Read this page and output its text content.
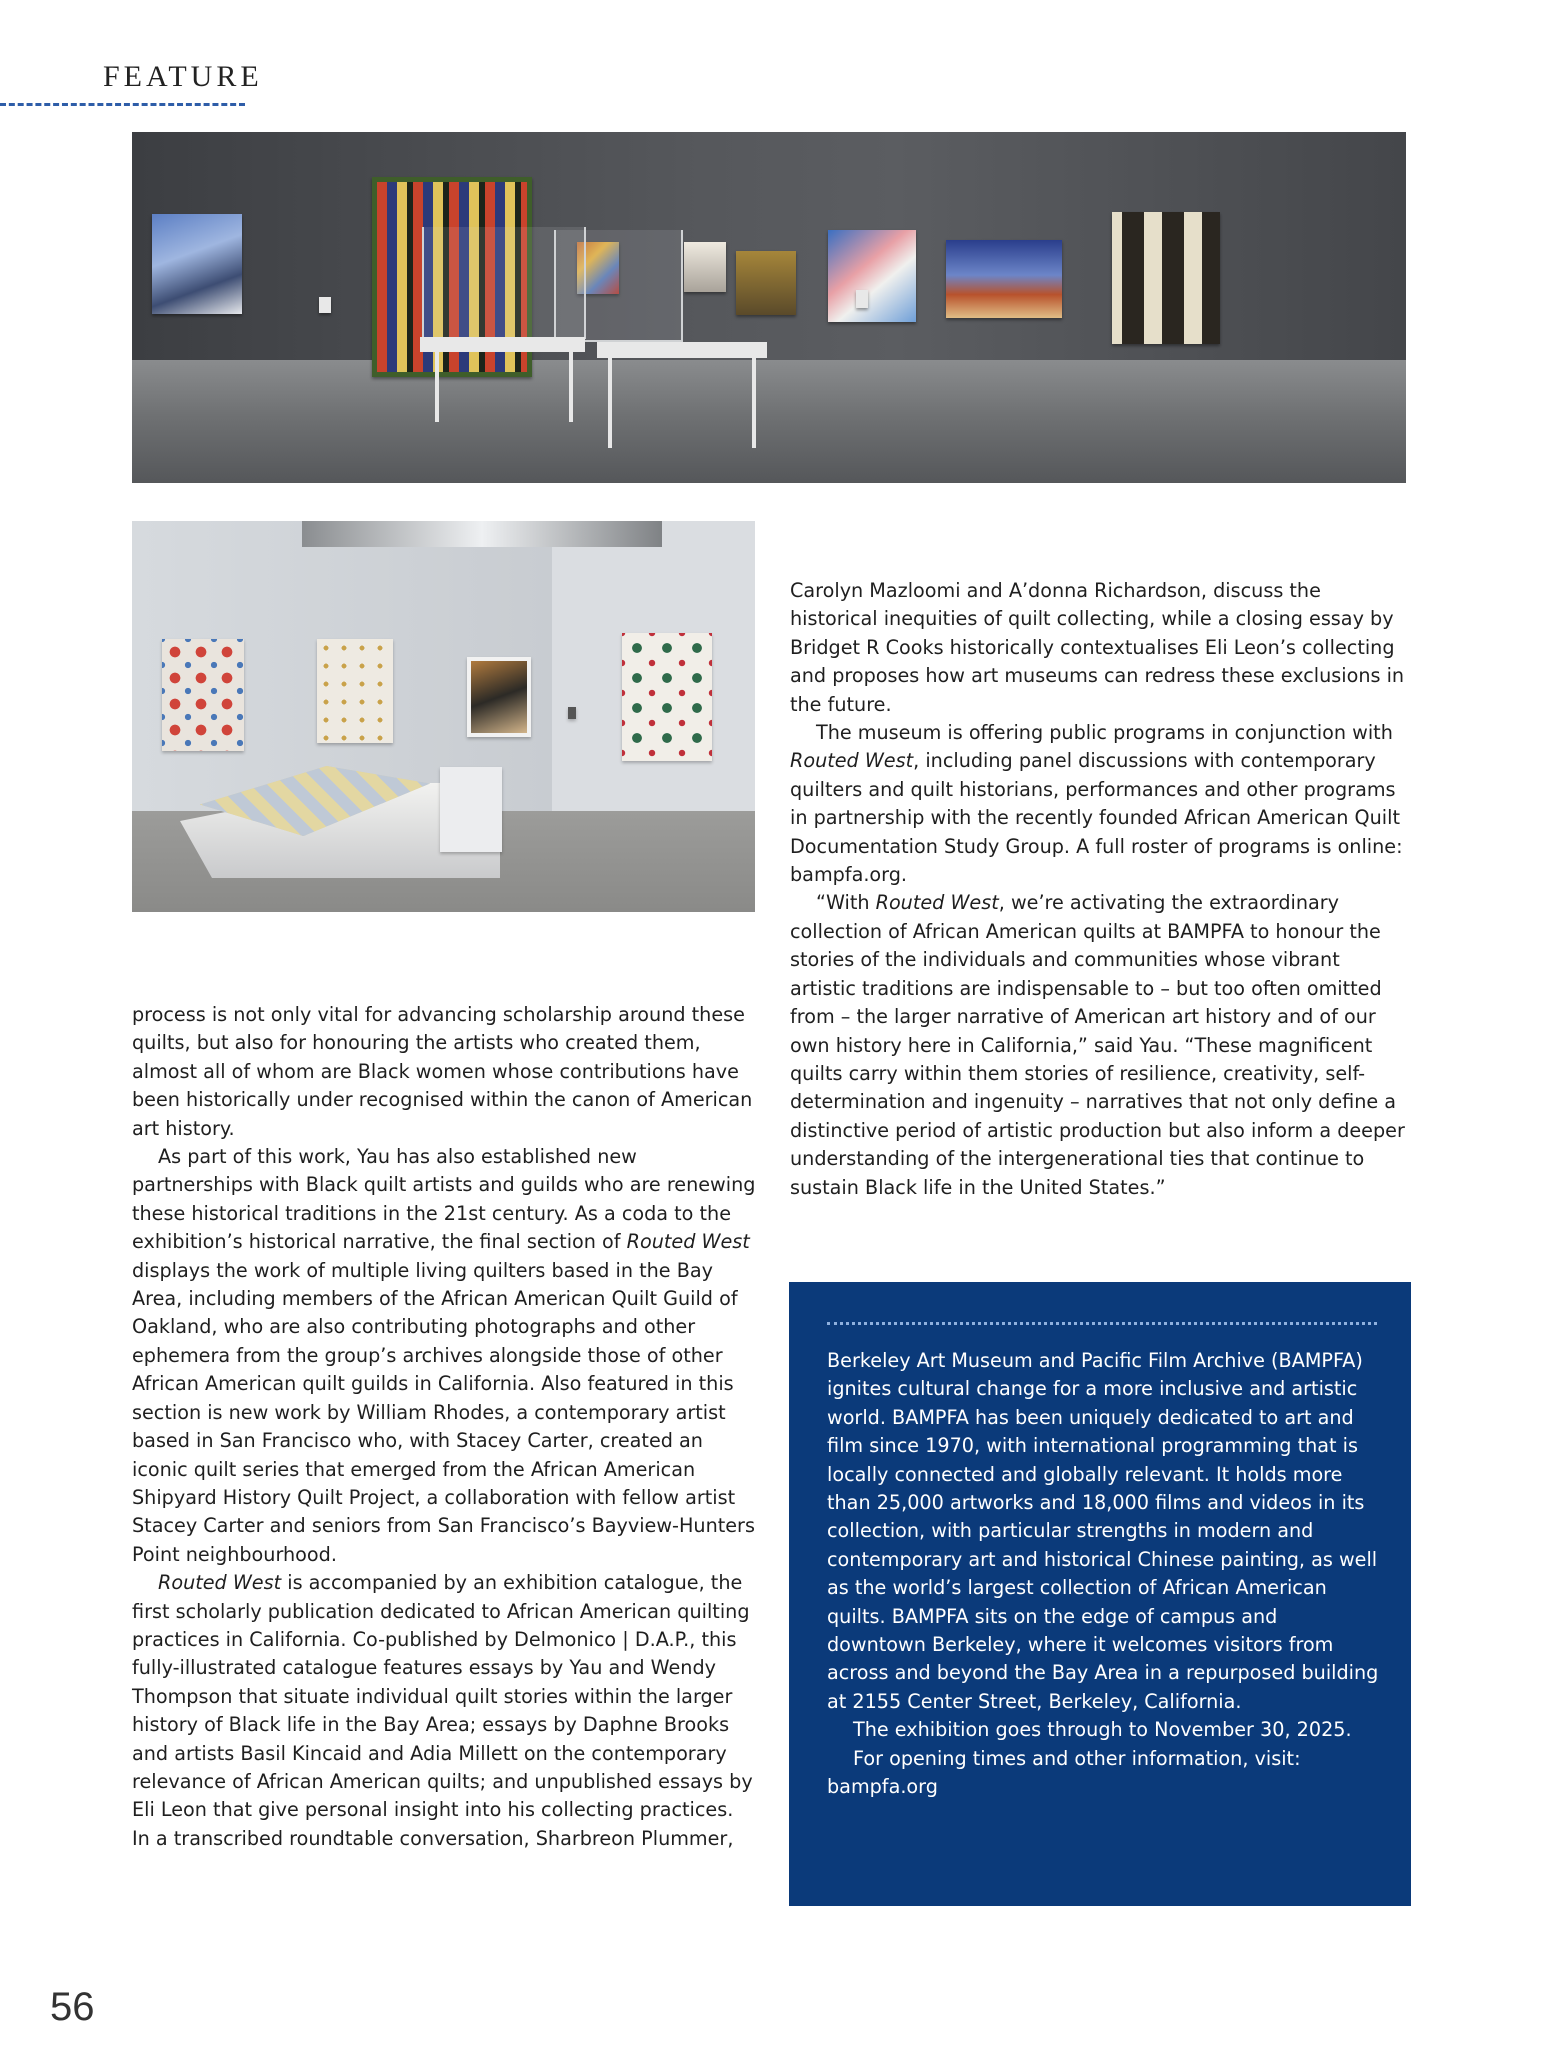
FEATURE

process is not only vital for advancing scholarship around these quilts, but also for honouring the artists who created them, almost all of whom are Black women whose contributions have been historically under recognised within the canon of American art history.

As part of this work, Yau has also established new partnerships with Black quilt artists and guilds who are renewing these historical traditions in the 21st century. As a coda to the exhibition’s historical narrative, the final section of Routed West displays the work of multiple living quilters based in the Bay Area, including members of the African American Quilt Guild of Oakland, who are also contributing photographs and other ephemera from the group’s archives alongside those of other African American quilt guilds in California. Also featured in this section is new work by William Rhodes, a contemporary artist based in San Francisco who, with Stacey Carter, created an iconic quilt series that emerged from the African American Shipyard History Quilt Project, a collaboration with fellow artist Stacey Carter and seniors from San Francisco’s Bayview-Hunters Point neighbourhood.

Routed West is accompanied by an exhibition catalogue, the first scholarly publication dedicated to African American quilting practices in California. Co-published by Delmonico | D.A.P., this fully-illustrated catalogue features essays by Yau and Wendy Thompson that situate individual quilt stories within the larger history of Black life in the Bay Area; essays by Daphne Brooks and artists Basil Kincaid and Adia Millett on the contemporary relevance of African American quilts; and unpublished essays by Eli Leon that give personal insight into his collecting practices. In a transcribed roundtable conversation, Sharbreon Plummer,

Carolyn Mazloomi and A’donna Richardson, discuss the historical inequities of quilt collecting, while a closing essay by Bridget R Cooks historically contextualises Eli Leon’s collecting and proposes how art museums can redress these exclusions in the future.

The museum is offering public programs in conjunction with Routed West, including panel discussions with contemporary quilters and quilt historians, performances and other programs in partnership with the recently founded African American Quilt Documentation Study Group. A full roster of programs is online: bampfa.org.

“With Routed West, we’re activating the extraordinary collection of African American quilts at BAMPFA to honour the stories of the individuals and communities whose vibrant artistic traditions are indispensable to – but too often omitted from – the larger narrative of American art history and of our own history here in California,” said Yau. “These magnificent quilts carry within them stories of resilience, creativity, self-determination and ingenuity – narratives that not only define a distinctive period of artistic production but also inform a deeper understanding of the intergenerational ties that continue to sustain Black life in the United States.”

Berkeley Art Museum and Pacific Film Archive (BAMPFA) ignites cultural change for a more inclusive and artistic world. BAMPFA has been uniquely dedicated to art and film since 1970, with international programming that is locally connected and globally relevant. It holds more than 25,000 artworks and 18,000 films and videos in its collection, with particular strengths in modern and contemporary art and historical Chinese painting, as well as the world’s largest collection of African American quilts. BAMPFA sits on the edge of campus and downtown Berkeley, where it welcomes visitors from across and beyond the Bay Area in a repurposed building at 2155 Center Street, Berkeley, California.

The exhibition goes through to November 30, 2025.

For opening times and other information, visit: bampfa.org

56
